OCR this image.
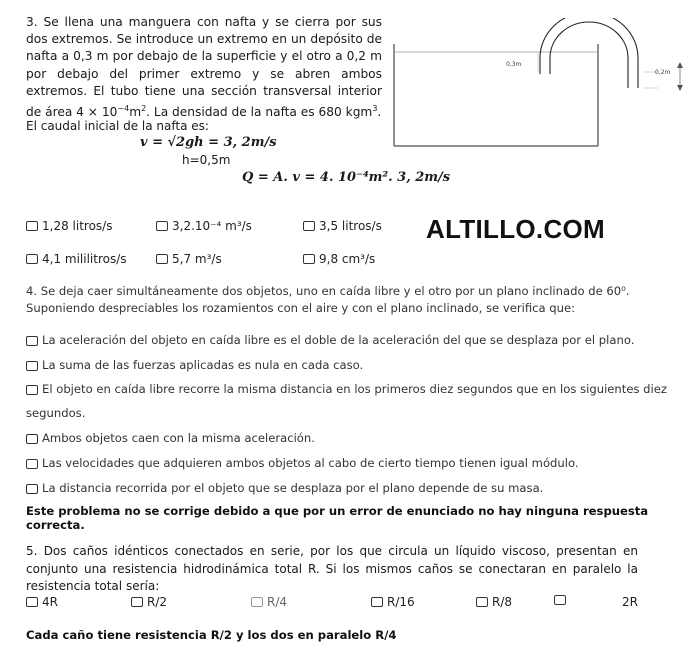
3. Se llena una manguera con nafta y se cierra por sus dos extremos. Se introduce un extremo en un depósito de nafta a 0,3 m por debajo de la superficie y el otro a 0,2 m por debajo del primer extremo y se abren ambos extremos. El tubo tiene una sección transversal interior de área $4 \times 10^{-4}m^2$. La densidad de la nafta es 680 kgm$^3$.
El caudal inicial de la nafta es:
v = √2gh = 3, 2m/s
h=0,5m
Q = A. v = 4. 10⁻⁴m². 3, 2m/s
0,3m
0,2m
1,28 litros/s	3,2.10⁻⁴ m³/s	3,5 litros/s
4,1 mililitros/s	5,7 m³/s	9,8 cm³/s
ALTILLO.COM
4. Se deja caer simultáneamente dos objetos, uno en caída libre y el otro por un plano inclinado de 60⁰.
Suponiendo despreciables los rozamientos con el aire y con el plano inclinado, se verifica que:
La aceleración del objeto en caída libre es el doble de la aceleración del que se desplaza por el plano.
La suma de las fuerzas aplicadas es nula en cada caso.
El objeto en caída libre recorre la misma distancia en los primeros diez segundos que en los siguientes diez
segundos.
Ambos objetos caen con la misma aceleración.
Las velocidades que adquieren ambos objetos al cabo de cierto tiempo tienen igual módulo.
La distancia recorrida por el objeto que se desplaza por el plano depende de su masa.
Este problema no se corrige debido a que por un error de enunciado no hay ninguna respuesta correcta.
5. Dos caños idénticos conectados en serie, por los que circula un líquido viscoso, presentan en conjunto una resistencia hidrodinámica total R. Si los mismos caños se conectaran en paralelo la resistencia total sería:
4R	R/2	R/4	R/16	R/8	2R
Cada caño tiene resistencia R/2 y los dos en paralelo R/4
